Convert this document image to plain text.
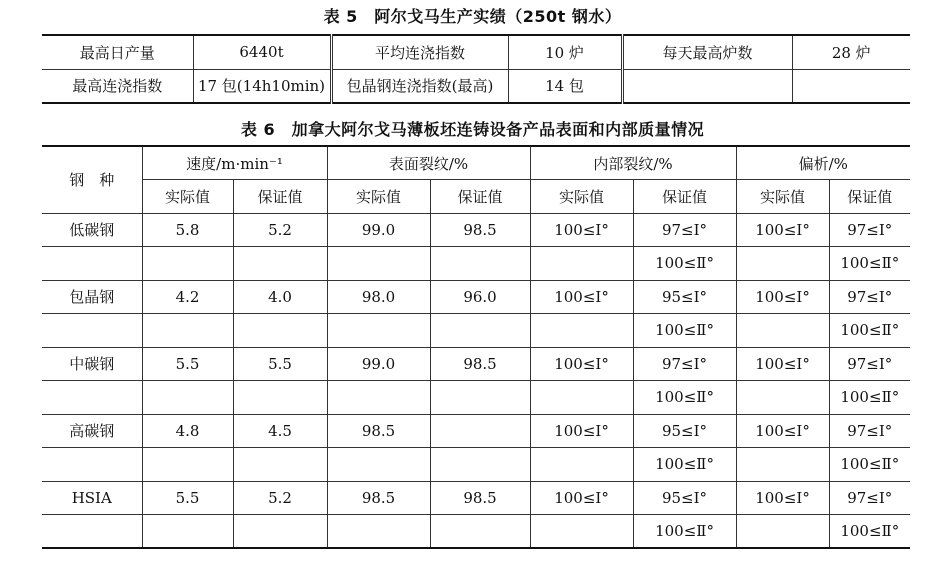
表 5　阿尔戈马生产实绩（250t 钢水）
最高日产量	6440t	平均连浇指数	10 炉	每天最高炉数	28 炉
最高连浇指数	17 包(14h10min)	包晶钢连浇指数(最高)	14 包		
表 6　加拿大阿尔戈马薄板坯连铸设备产品表面和内部质量情况
钢　种	速度/m·min⁻¹		表面裂纹/%		内部裂纹/%		偏析/%	
	实际值	保证值	实际值	保证值	实际值	保证值	实际值	保证值
低碳钢	5.8	5.2	99.0	98.5	100≤Ⅰ°	97≤Ⅰ°	100≤Ⅰ°	97≤Ⅰ°
						100≤Ⅱ°		100≤Ⅱ°
包晶钢	4.2	4.0	98.0	96.0	100≤Ⅰ°	95≤Ⅰ°	100≤Ⅰ°	97≤Ⅰ°
						100≤Ⅱ°		100≤Ⅱ°
中碳钢	5.5	5.5	99.0	98.5	100≤Ⅰ°	97≤Ⅰ°	100≤Ⅰ°	97≤Ⅰ°
						100≤Ⅱ°		100≤Ⅱ°
高碳钢	4.8	4.5	98.5		100≤Ⅰ°	95≤Ⅰ°	100≤Ⅰ°	97≤Ⅰ°
						100≤Ⅱ°		100≤Ⅱ°
HSIA	5.5	5.2	98.5	98.5	100≤Ⅰ°	95≤Ⅰ°	100≤Ⅰ°	97≤Ⅰ°
						100≤Ⅱ°		100≤Ⅱ°
